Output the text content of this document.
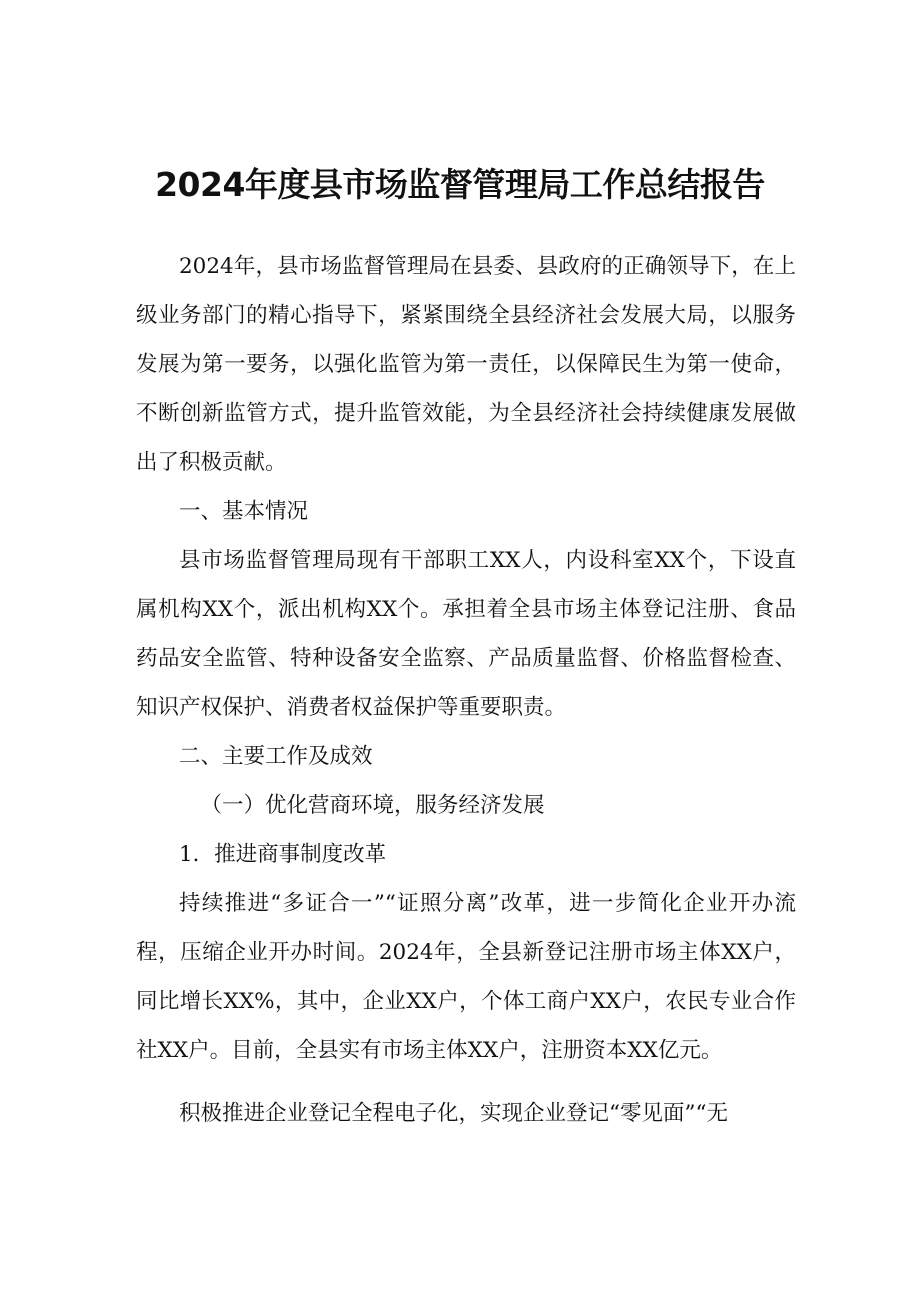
2024年度县市场监督管理局工作总结报告

2024年，县市场监督管理局在县委、县政府的正确领导下，在上级业务部门的精心指导下，紧紧围绕全县经济社会发展大局，以服务发展为第一要务，以强化监管为第一责任，以保障民生为第一使命，不断创新监管方式，提升监管效能，为全县经济社会持续健康发展做出了积极贡献。

一、基本情况

县市场监督管理局现有干部职工XX人，内设科室XX个，下设直属机构XX个，派出机构XX个。承担着全县市场主体登记注册、食品药品安全监管、特种设备安全监察、产品质量监督、价格监督检查、知识产权保护、消费者权益保护等重要职责。

二、主要工作及成效

（一）优化营商环境，服务经济发展

1．推进商事制度改革

持续推进“多证合一”“证照分离”改革，进一步简化企业开办流程，压缩企业开办时间。2024年，全县新登记注册市场主体XX户，同比增长XX%，其中，企业XX户，个体工商户XX户，农民专业合作社XX户。目前，全县实有市场主体XX户，注册资本XX亿元。

积极推进企业登记全程电子化，实现企业登记“零见面”“无
